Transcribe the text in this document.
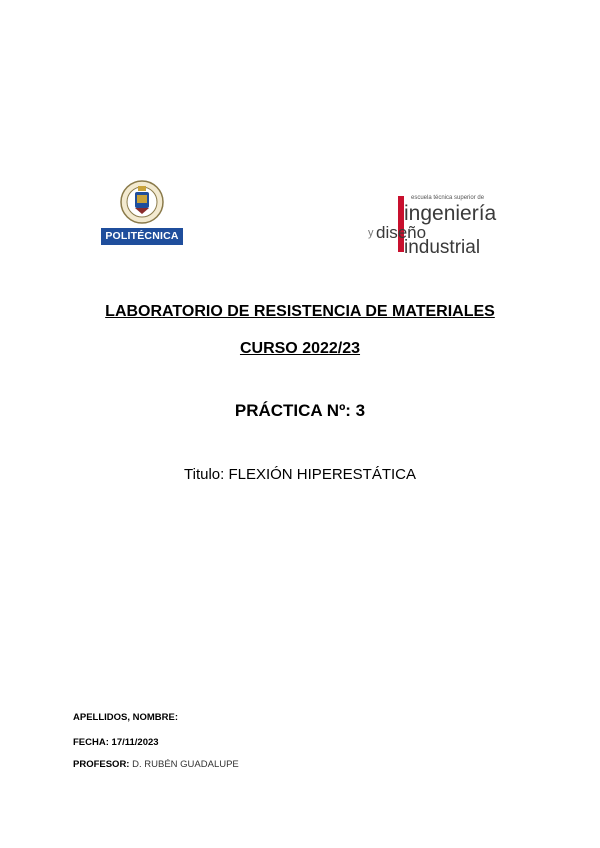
POLITÉCNICA
escuela técnica superior de
ingeniería
y diseño
industrial
LABORATORIO DE RESISTENCIA DE MATERIALES
CURSO 2022/23
PRÁCTICA Nº: 3
Titulo: FLEXIÓN HIPERESTÁTICA
APELLIDOS, NOMBRE:
FECHA: 17/11/2023
PROFESOR: D. RUBÉN GUADALUPE
